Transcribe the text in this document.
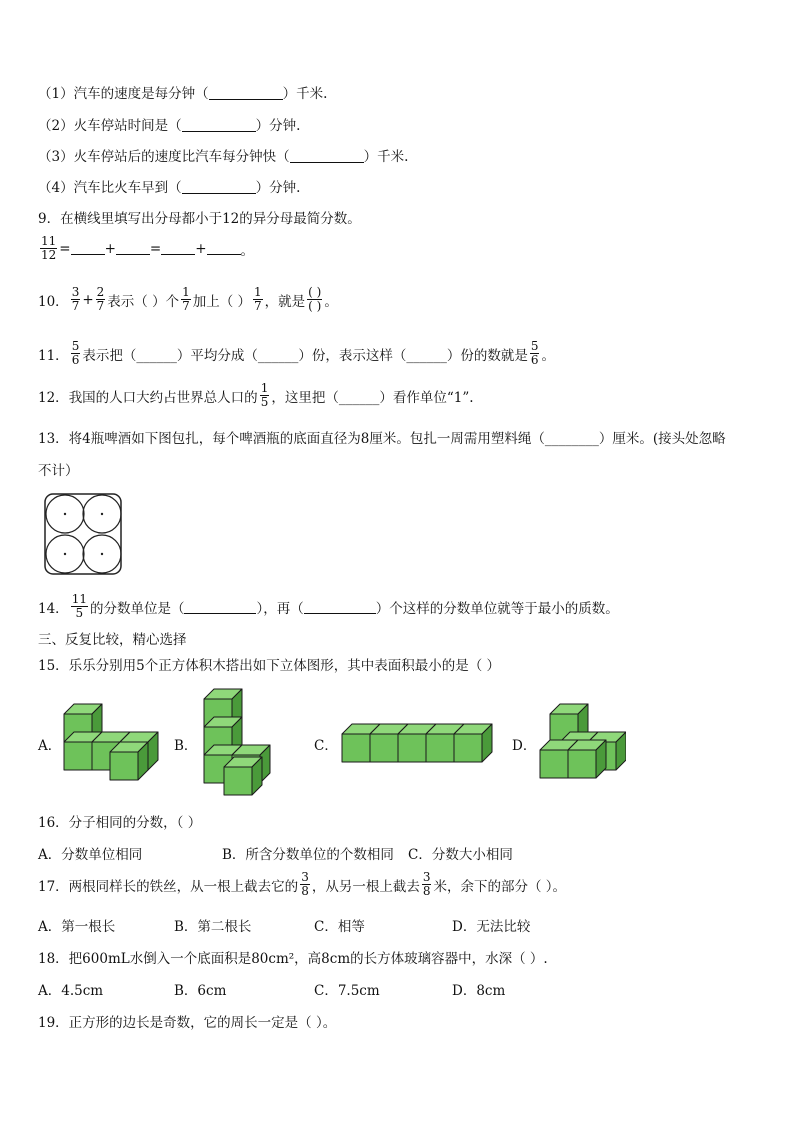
（1）汽车的速度是每分钟（	）千米.
（2）火车停站时间是（	）分钟.
（3）火车停站后的速度比汽车每分钟快（	）千米.
（4）汽车比火车早到（	）分钟.
9．在横线里填写出分母都小于12的异分母最简分数。
$\frac{11}{12}$ =	+	=	+	。
10． $\frac{3}{7} + \frac{2}{7}$ 表示（ ）个 $\frac{1}{7}$ 加上（ ） $\frac{1}{7}$ ，就是 $\frac{( )}{( )}$ 。
11． $\frac{5}{6}$ 表示把（______）平均分成（______）份，表示这样（______）份的数就是 $\frac{5}{6}$ 。
12． 我国的人口大约占世界总人口的 $\frac{1}{5}$ ，这里把（______）看作单位“1”.
13．将4瓶啤酒如下图包扎，每个啤酒瓶的底面直径为8厘米。包扎一周需用塑料绳（________）厘米。(接头处忽略
不计）
14． $\frac{11}{5}$ 的分数单位是（	），再（	）个这样的分数单位就等于最小的质数。
三、反复比较，精心选择
15．乐乐分别用5个正方体积木搭出如下立体图形，其中表面积最小的是（ ）
A．	B．	C．	D．
16．分子相同的分数，（ ）
A．分数单位相同	B．所含分数单位的个数相同 C．分数大小相同
17．两根同样长的铁丝，从一根上截去它的 $\frac{3}{8}$ ，从另一根上截去 $\frac{3}{8}$ 米，余下的部分（ ）。
A．第一根长	B．第二根长	C．相等	D．无法比较
18．把600mL水倒入一个底面积是80cm²，高8cm的长方体玻璃容器中，水深（ ）.
A．4.5cm	B．6cm	C．7.5cm	D．8cm
19．正方形的边长是奇数，它的周长一定是（ ）。
